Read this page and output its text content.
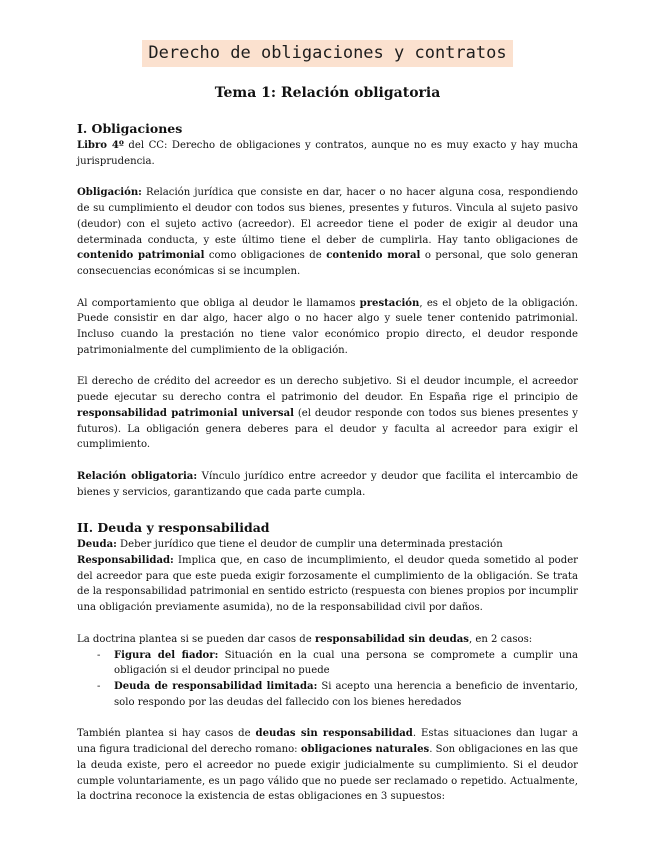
Derecho de obligaciones y contratos
Tema 1: Relación obligatoria
I. Obligaciones

Libro 4º del CC: Derecho de obligaciones y contratos, aunque no es muy exacto y hay mucha jurisprudencia.

Obligación: Relación jurídica que consiste en dar, hacer o no hacer alguna cosa, respondiendo de su cumplimiento el deudor con todos sus bienes, presentes y futuros. Vincula al sujeto pasivo (deudor) con el sujeto activo (acreedor). El acreedor tiene el poder de exigir al deudor una determinada conducta, y este último tiene el deber de cumplirla. Hay tanto obligaciones de contenido patrimonial como obligaciones de contenido moral o personal, que solo generan consecuencias económicas si se incumplen.

Al comportamiento que obliga al deudor le llamamos prestación, es el objeto de la obligación. Puede consistir en dar algo, hacer algo o no hacer algo y suele tener contenido patrimonial. Incluso cuando la prestación no tiene valor económico propio directo, el deudor responde patrimonialmente del cumplimiento de la obligación.

El derecho de crédito del acreedor es un derecho subjetivo. Si el deudor incumple, el acreedor puede ejecutar su derecho contra el patrimonio del deudor. En España rige el principio de responsabilidad patrimonial universal (el deudor responde con todos sus bienes presentes y futuros). La obligación genera deberes para el deudor y faculta al acreedor para exigir el cumplimiento.

Relación obligatoria: Vínculo jurídico entre acreedor y deudor que facilita el intercambio de bienes y servicios, garantizando que cada parte cumpla.

II. Deuda y responsabilidad

Deuda: Deber jurídico que tiene el deudor de cumplir una determinada prestación

Responsabilidad: Implica que, en caso de incumplimiento, el deudor queda sometido al poder del acreedor para que este pueda exigir forzosamente el cumplimiento de la obligación. Se trata de la responsabilidad patrimonial en sentido estricto (respuesta con bienes propios por incumplir una obligación previamente asumida), no de la responsabilidad civil por daños.

La doctrina plantea si se pueden dar casos de responsabilidad sin deudas, en 2 casos:

- Figura del fiador: Situación en la cual una persona se compromete a cumplir una obligación si el deudor principal no puede
- Deuda de responsabilidad limitada: Si acepto una herencia a beneficio de inventario, solo respondo por las deudas del fallecido con los bienes heredados

También plantea si hay casos de deudas sin responsabilidad. Estas situaciones dan lugar a una figura tradicional del derecho romano: obligaciones naturales. Son obligaciones en las que la deuda existe, pero el acreedor no puede exigir judicialmente su cumplimiento. Si el deudor cumple voluntariamente, es un pago válido que no puede ser reclamado o repetido. Actualmente, la doctrina reconoce la existencia de estas obligaciones en 3 supuestos:
